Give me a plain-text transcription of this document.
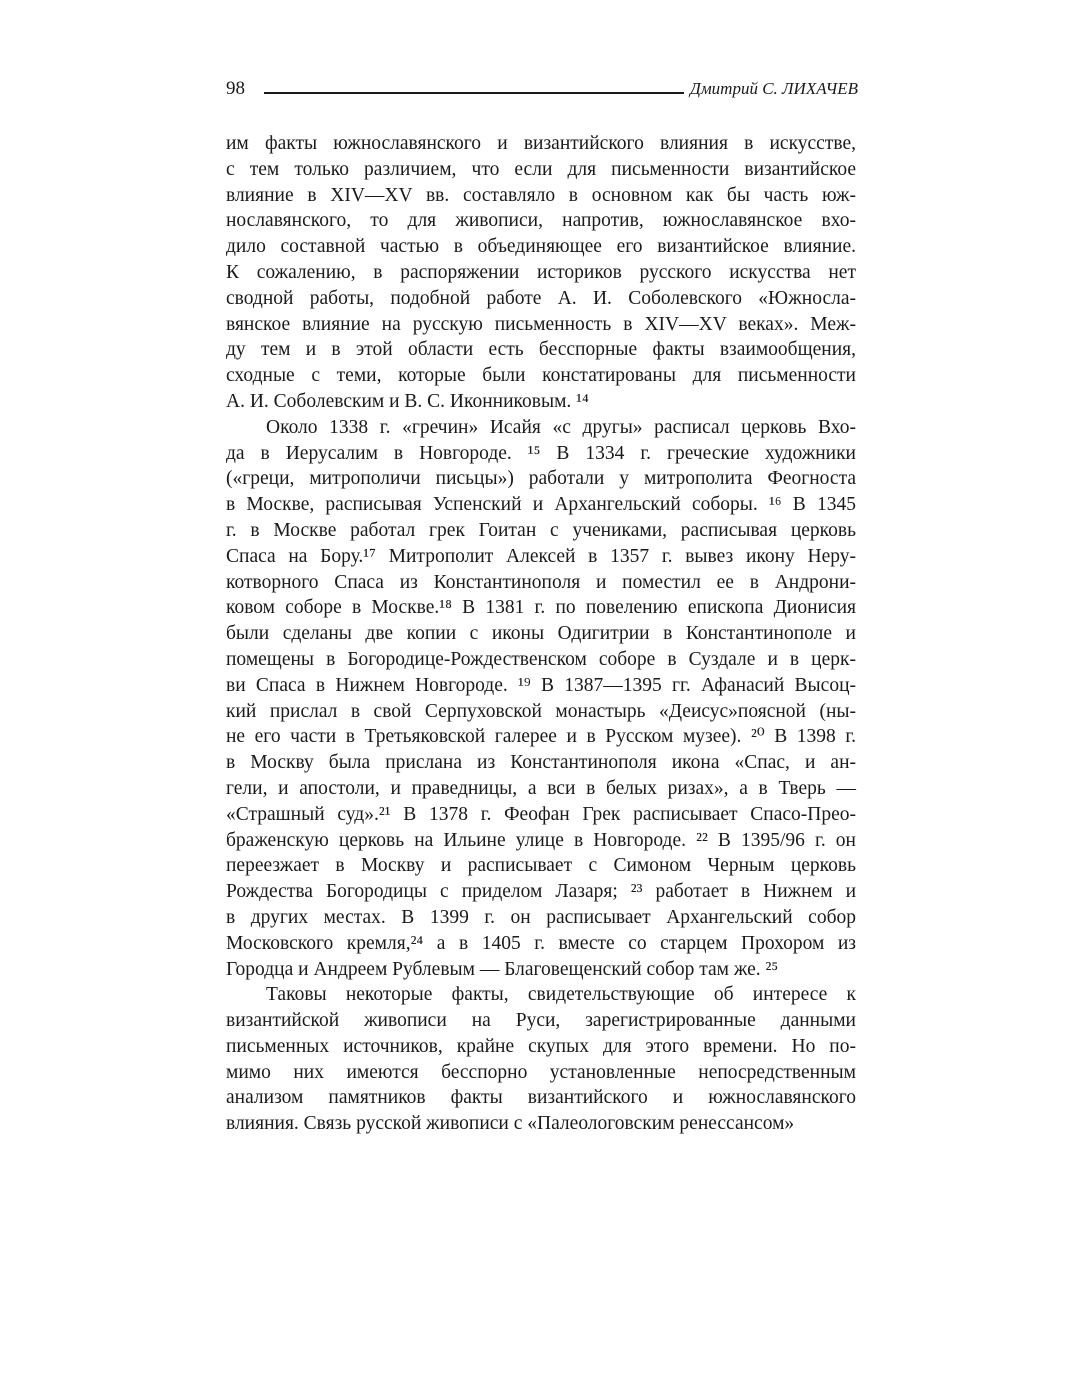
98	Дмитрий С. ЛИХАЧЕВ

им факты южнославянского и византийского влияния в искусстве,
с тем только различием, что если для письменности византийское
влияние в XIV—XV вв. составляло в основном как бы часть юж-
нославянского, то для живописи, напротив, южнославянское вхо-
дило составной частью в объединяющее его византийское влияние.
К сожалению, в распоряжении историков русского искусства нет
сводной работы, подобной работе А. И. Соболевского «Южносла-
вянское влияние на русскую письменность в XIV—XV веках». Меж-
ду тем и в этой области есть бесспорные факты взаимообщения,
сходные с теми, которые были констатированы для письменности
А. И. Соболевским и В. С. Иконниковым. ¹⁴

Около 1338 г. «гречин» Исайя «с другы» расписал церковь Вхо-
да в Иерусалим в Новгороде. ¹⁵ В 1334 г. греческие художники
(«греци, митрополичи письцы») работали у митрополита Феогноста
в Москве, расписывая Успенский и Архангельский соборы. ¹⁶ В 1345
г. в Москве работал грек Гоитан с учениками, расписывая церковь
Спаса на Бору.¹⁷ Митрополит Алексей в 1357 г. вывез икону Неру-
котворного Спаса из Константинополя и поместил ее в Андрони-
ковом соборе в Москве.¹⁸ В 1381 г. по повелению епископа Дионисия
были сделаны две копии с иконы Одигитрии в Константинополе и
помещены в Богородице-Рождественском соборе в Суздале и в церк-
ви Спаса в Нижнем Новгороде. ¹⁹ В 1387—1395 гг. Афанасий Высоц-
кий прислал в свой Серпуховской монастырь «Деисус»поясной (ны-
не его части в Третьяковской галерее и в Русском музее). ²⁰ В 1398 г.
в Москву была прислана из Константинополя икона «Спас, и ан-
гели, и апостоли, и праведницы, а вси в белых ризах», а в Тверь —
«Страшный суд».²¹ В 1378 г. Феофан Грек расписывает Спасо-Прео-
браженскую церковь на Ильине улице в Новгороде. ²² В 1395/96 г. он
переезжает в Москву и расписывает с Симоном Черным церковь
Рождества Богородицы с приделом Лазаря; ²³ работает в Нижнем и
в других местах. В 1399 г. он расписывает Архангельский собор
Московского кремля,²⁴ а в 1405 г. вместе со старцем Прохором из
Городца и Андреем Рублевым — Благовещенский собор там же. ²⁵

Таковы некоторые факты, свидетельствующие об интересе к
византийской живописи на Руси, зарегистрированные данными
письменных источников, крайне скупых для этого времени. Но по-
мимо них имеются бесспорно установленные непосредственным
анализом памятников факты византийского и южнославянского
влияния. Связь русской живописи с «Палеологовским ренессансом»
